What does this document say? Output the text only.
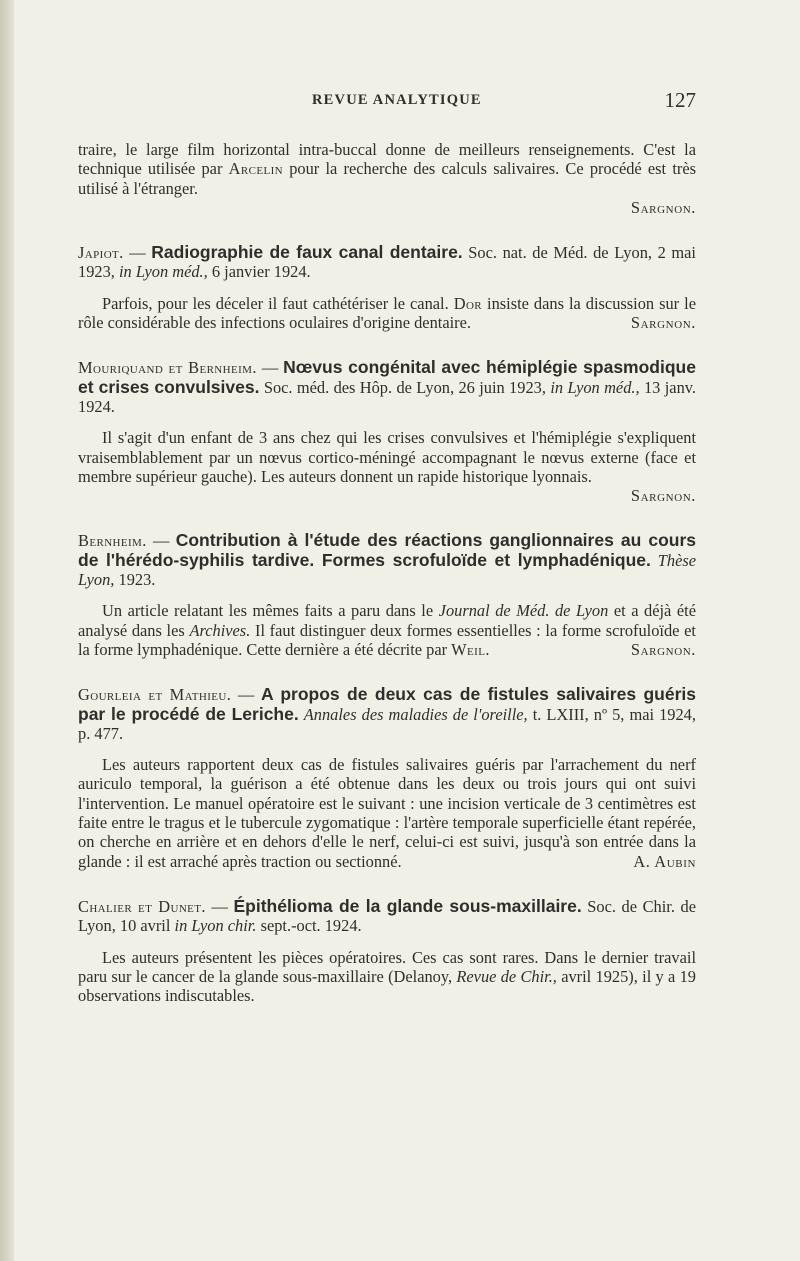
REVUE ANALYTIQUE	127

traire, le large film horizontal intra-buccal donne de meilleurs renseignements. C'est la technique utilisée par Arcelin pour la recherche des calculs salivaires. Ce procédé est très utilisé à l'étranger.

Sargnon.

Japiot. — Radiographie de faux canal dentaire. Soc. nat. de Méd. de Lyon, 2 mai 1923, in Lyon méd., 6 janvier 1924.

Parfois, pour les déceler il faut cathétériser le canal. Dor insiste dans la discussion sur le rôle considérable des infections oculaires d'origine dentaire.	Sargnon.

Mouriquand et Bernheim. — Nœvus congénital avec hémiplégie spasmodique et crises convulsives. Soc. méd. des Hôp. de Lyon, 26 juin 1923, in Lyon méd., 13 janv. 1924.

Il s'agit d'un enfant de 3 ans chez qui les crises convulsives et l'hémiplégie s'expliquent vraisemblablement par un nœvus cortico-méningé accompagnant le nœvus externe (face et membre supérieur gauche). Les auteurs donnent un rapide historique lyonnais.

Sargnon.

Bernheim. — Contribution à l'étude des réactions ganglionnaires au cours de l'hérédo-syphilis tardive. Formes scrofuloïde et lymphadénique. Thèse Lyon, 1923.

Un article relatant les mêmes faits a paru dans le Journal de Méd. de Lyon et a déjà été analysé dans les Archives. Il faut distinguer deux formes essentielles : la forme scrofuloïde et la forme lymphadénique. Cette dernière a été décrite par Weil.	Sargnon.

Gourleia et Mathieu. — A propos de deux cas de fistules salivaires guéris par le procédé de Leriche. Annales des maladies de l'oreille, t. LXIII, nº 5, mai 1924, p. 477.

Les auteurs rapportent deux cas de fistules salivaires guéris par l'arrachement du nerf auriculo temporal, la guérison a été obtenue dans les deux ou trois jours qui ont suivi l'intervention. Le manuel opératoire est le suivant : une incision verticale de 3 centimètres est faite entre le tragus et le tubercule zygomatique : l'artère temporale superficielle étant repérée, on cherche en arrière et en dehors d'elle le nerf, celui-ci est suivi, jusqu'à son entrée dans la glande : il est arraché après traction ou sectionné.	A. Aubin

Chalier et Dunet. — Épithélioma de la glande sous-maxillaire. Soc. de Chir. de Lyon, 10 avril in Lyon chir. sept.-oct. 1924.

Les auteurs présentent les pièces opératoires. Ces cas sont rares. Dans le dernier travail paru sur le cancer de la glande sous-maxillaire (Delanoy, Revue de Chir., avril 1925), il y a 19 observations indiscutables.
